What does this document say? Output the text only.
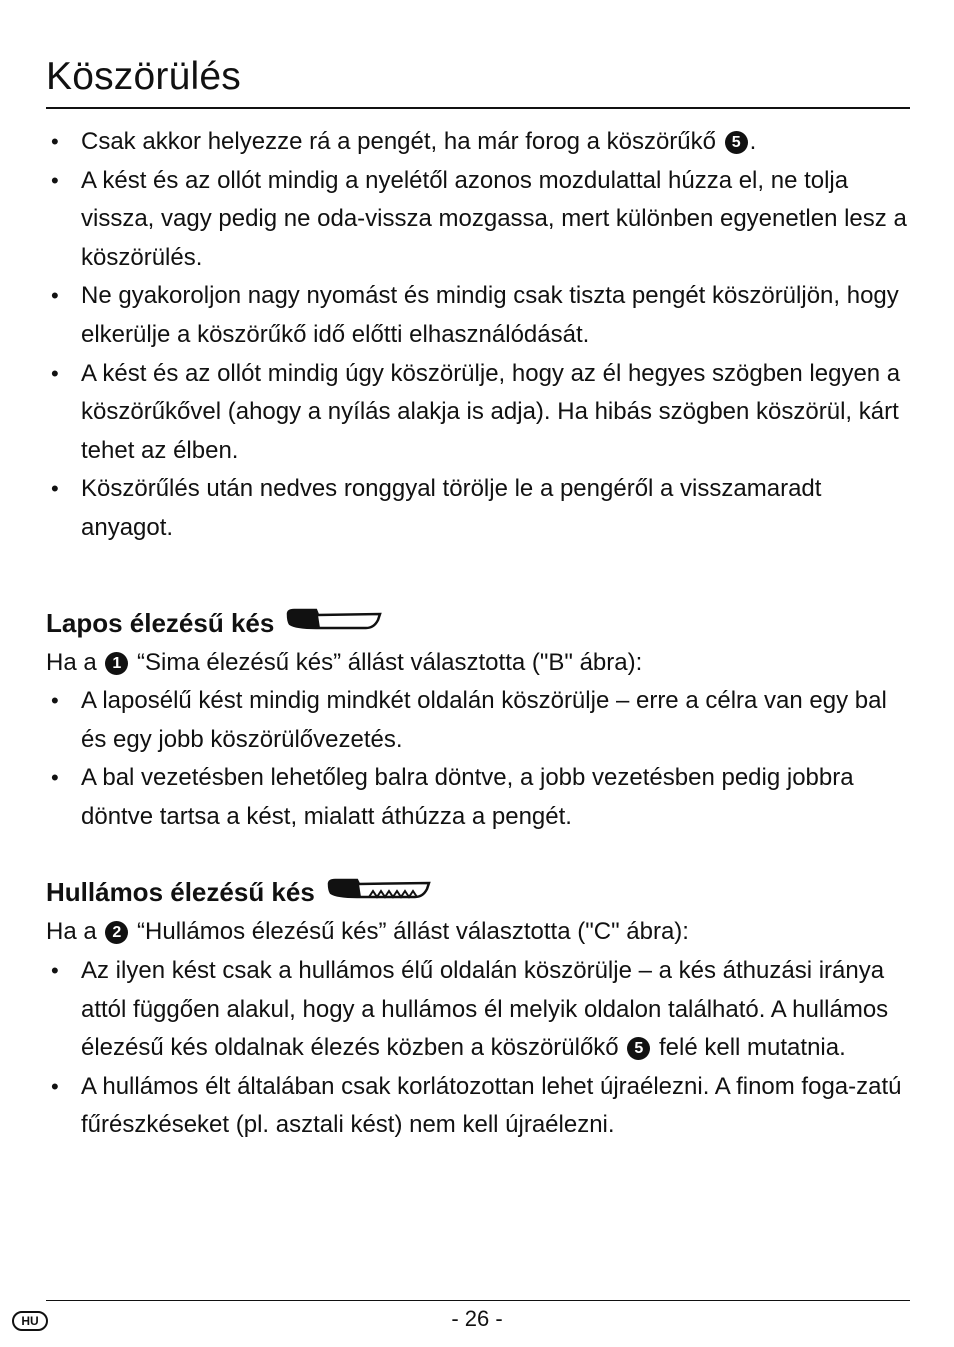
Köszörülés
• Csak akkor helyezze rá a pengét, ha már forog a köszörűkő 5 .
• A kést és az ollót mindig a nyelétől azonos mozdulattal húzza el, ne tolja vissza, vagy pedig ne oda-vissza mozgassa, mert különben egyenetlen lesz a köszörülés.
• Ne gyakoroljon nagy nyomást és mindig csak tiszta pengét köszörüljön, hogy elkerülje a köszörűkő idő előtti elhasználódását.
• A kést és az ollót mindig úgy köszörülje, hogy az él hegyes szögben legyen a köszörűkővel (ahogy a nyílás alakja is adja). Ha hibás szögben köszörül, kárt tehet az élben.
• Köszörűlés után nedves ronggyal törölje le a pengéről a visszamaradt anyagot.
Lapos élezésű kés

Ha a 1 “Sima élezésű kés” állást választotta ("B" ábra):

• A laposélű kést mindig mindkét oldalán köszörülje – erre a célra van egy bal és egy jobb köszörülővezetés.
• A bal vezetésben lehetőleg balra döntve, a jobb vezetésben pedig jobbra döntve tartsa a kést, mialatt áthúzza a pengét.
Hullámos élezésű kés

Ha a 2 “Hullámos élezésű kés” állást választotta ("C" ábra):

• Az ilyen kést csak a hullámos élű oldalán köszörülje – a kés áthuzási iránya attól függően alakul, hogy a hullámos él melyik oldalon található. A hullámos élezésű kés oldalnak élezés közben a köszörülőkő 5 felé kell mutatnia.
• A hullámos élt általában csak korlátozottan lehet újraélezni. A finom foga-zatú fűrészkéseket (pl. asztali kést) nem kell újraélezni.
HU	- 26 -
